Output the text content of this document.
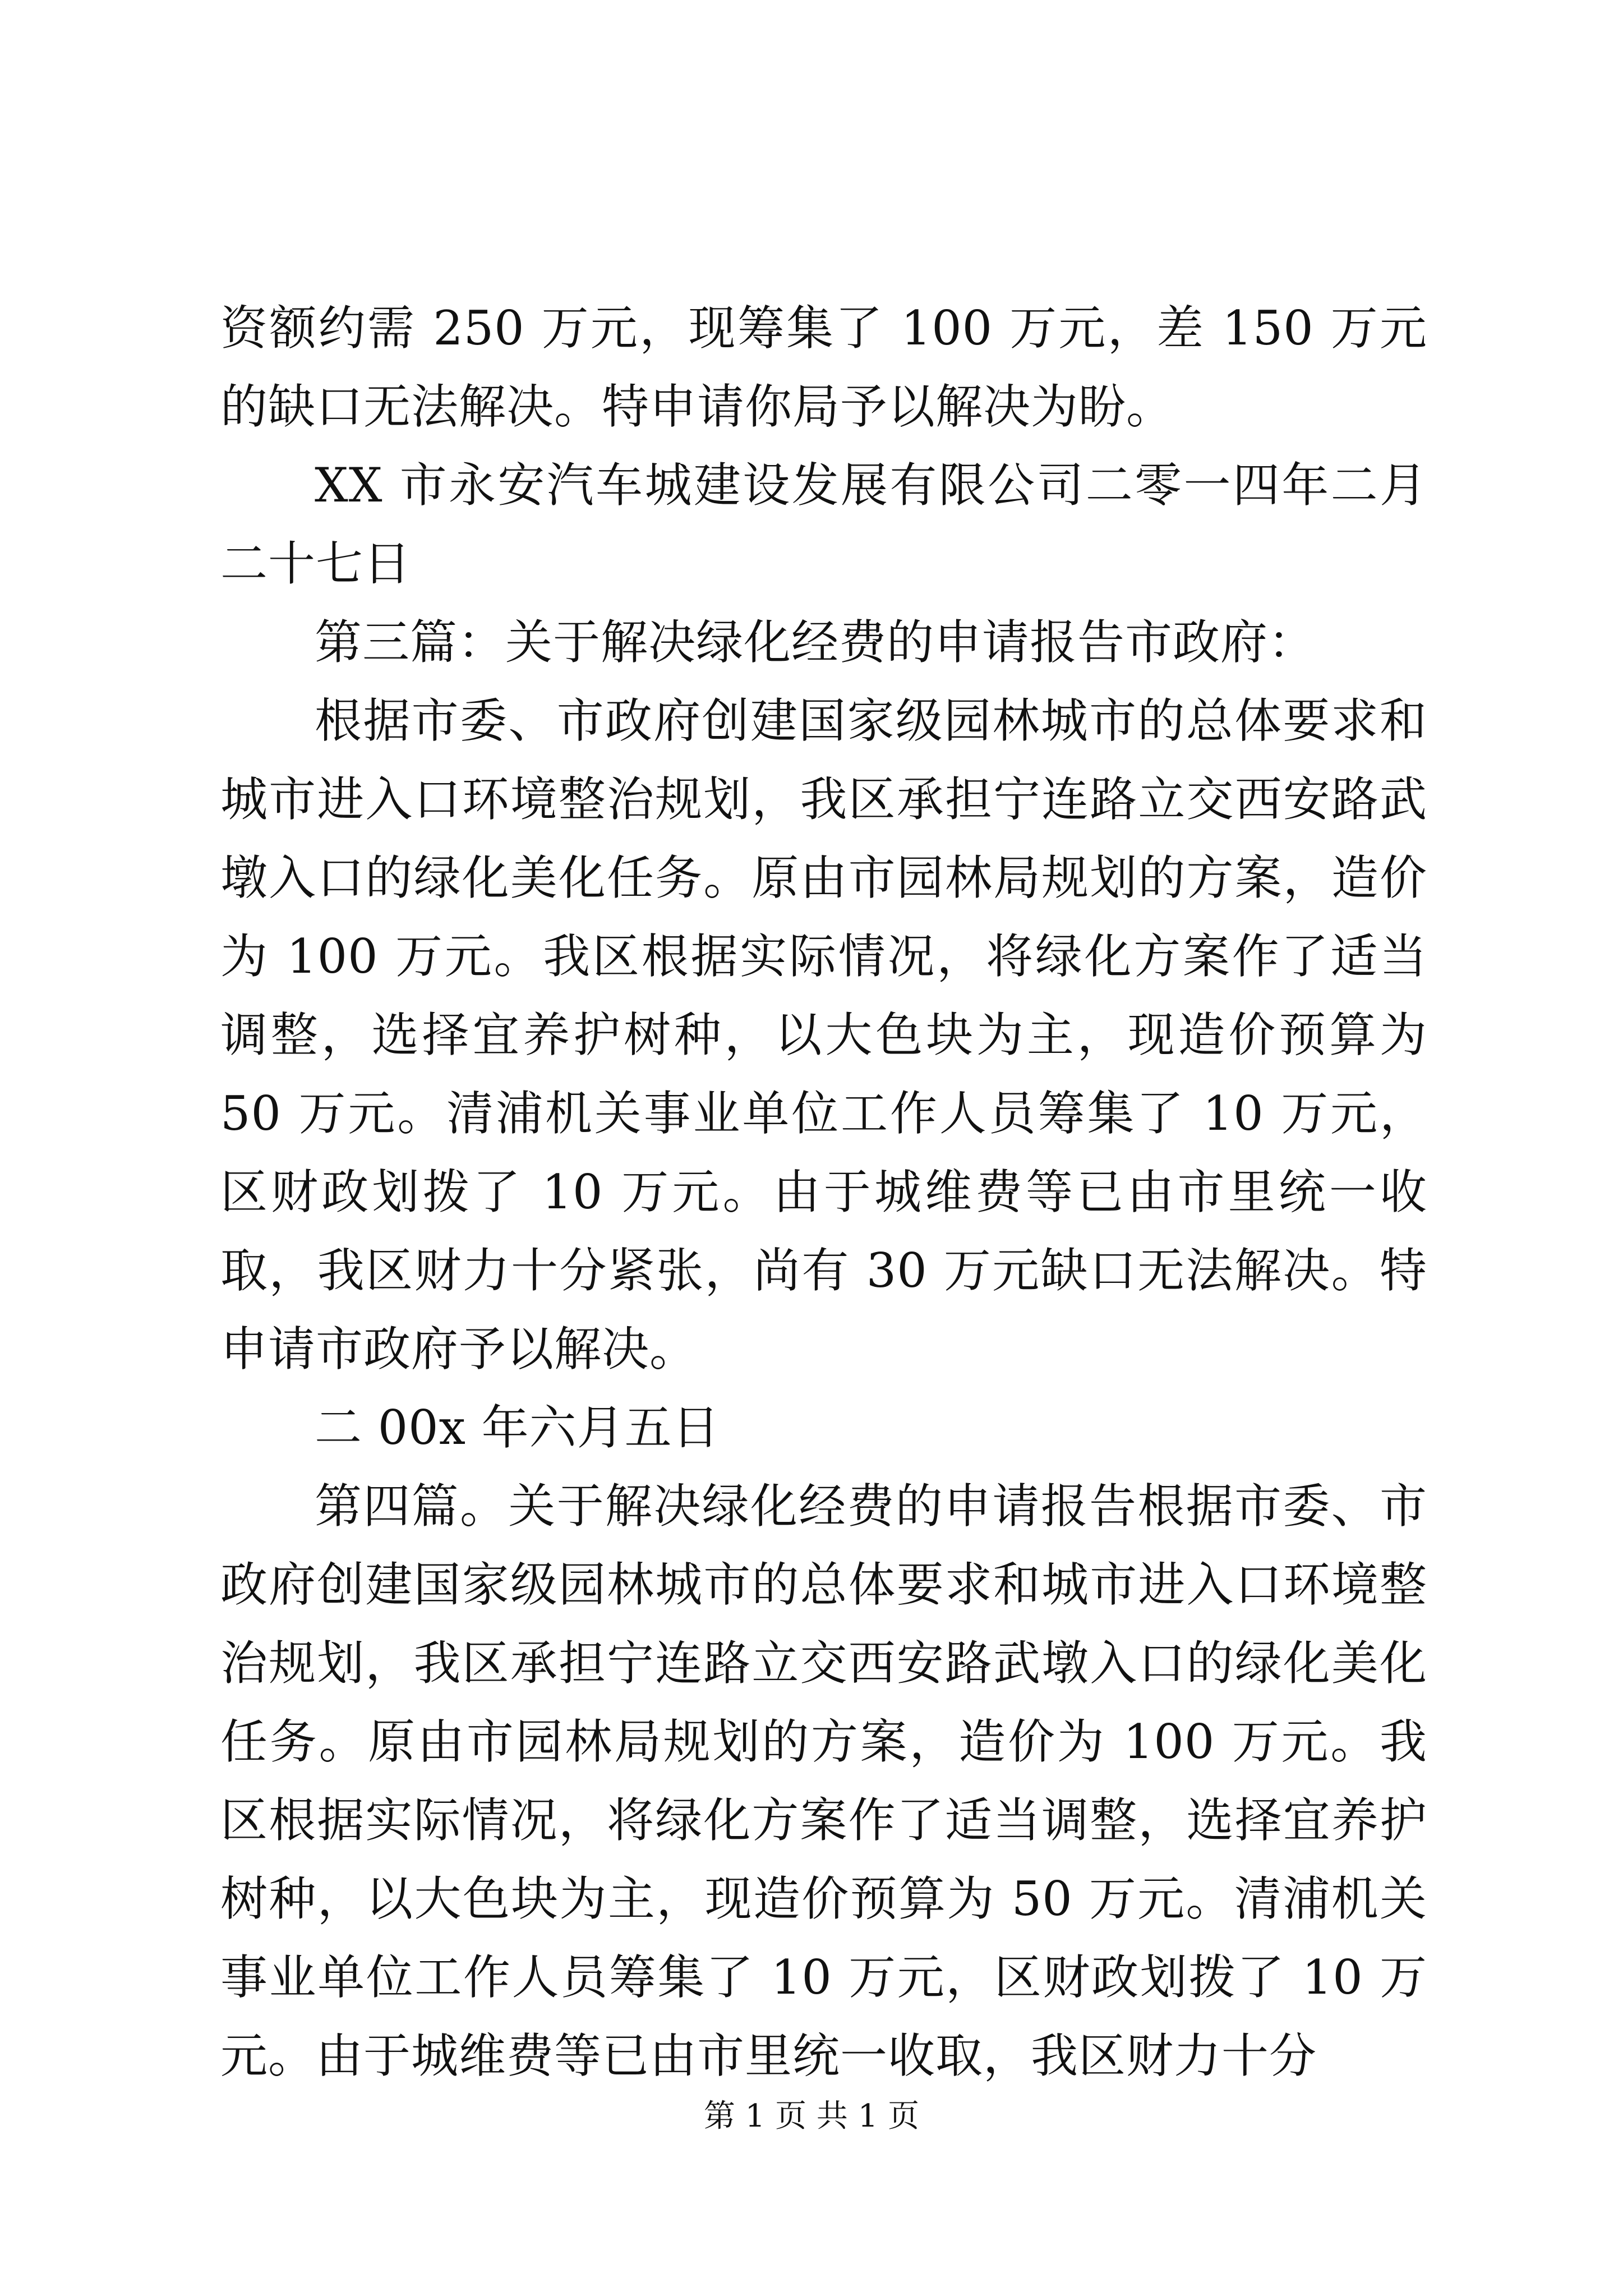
资额约需 250 万元，现筹集了 100 万元，差 150 万元的缺口无法解决。特申请你局予以解决为盼。

XX 市永安汽车城建设发展有限公司二零一四年二月二十七日

第三篇：关于解决绿化经费的申请报告市政府：

根据市委、市政府创建国家级园林城市的总体要求和城市进入口环境整治规划，我区承担宁连路立交西安路武墩入口的绿化美化任务。原由市园林局规划的方案，造价为 100 万元。我区根据实际情况，将绿化方案作了适当调整，选择宜养护树种，以大色块为主，现造价预算为 50 万元。清浦机关事业单位工作人员筹集了 10 万元，区财政划拨了 10 万元。由于城维费等已由市里统一收取，我区财力十分紧张，尚有 30 万元缺口无法解决。特申请市政府予以解决。

二 00x 年六月五日

第四篇。关于解决绿化经费的申请报告根据市委、市政府创建国家级园林城市的总体要求和城市进入口环境整治规划，我区承担宁连路立交西安路武墩入口的绿化美化任务。原由市园林局规划的方案，造价为 100 万元。我区根据实际情况，将绿化方案作了适当调整，选择宜养护树种，以大色块为主，现造价预算为 50 万元。清浦机关事业单位工作人员筹集了 10 万元，区财政划拨了 10 万元。由于城维费等已由市里统一收取，我区财力十分

第 1 页 共 1 页
